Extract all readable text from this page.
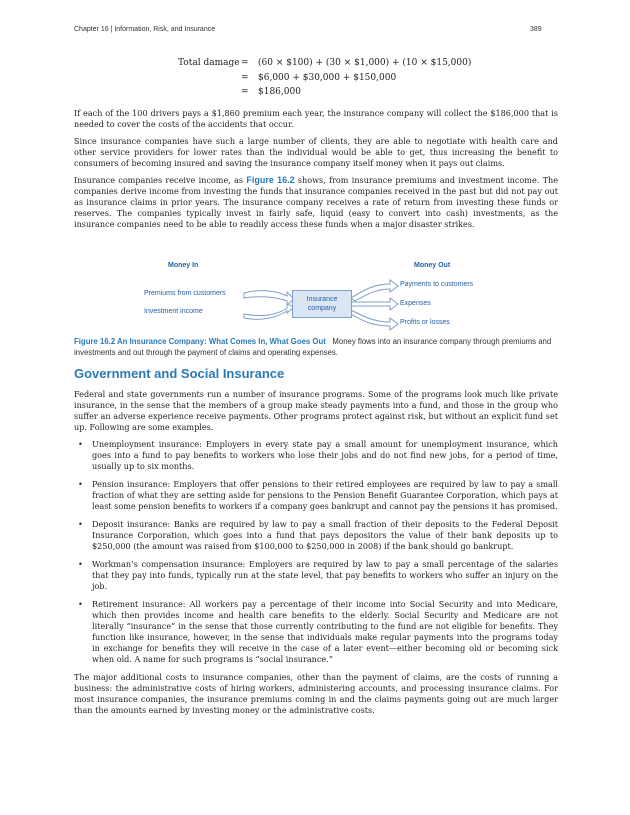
Chapter 16 | Information, Risk, and Insurance	389
Total damage = (60 × $100) + (30 × $1,000) + (10 × $15,000)
= $6,000 + $30,000 + $150,000
= $186,000

If each of the 100 drivers pays a $1,860 premium each year, the insurance company will collect the $186,000 that is needed to cover the costs of the accidents that occur.

Since insurance companies have such a large number of clients, they are able to negotiate with health care and other service providers for lower rates than the individual would be able to get, thus increasing the benefit to consumers of becoming insured and saving the insurance company itself money when it pays out claims.

Insurance companies receive income, as Figure 16.2 shows, from insurance premiums and investment income. The companies derive income from investing the funds that insurance companies received in the past but did not pay out as insurance claims in prior years. The insurance company receives a rate of return from investing these funds or reserves. The companies typically invest in fairly safe, liquid (easy to convert into cash) investments, as the insurance companies need to be able to readily access these funds when a major disaster strikes.

Money In	Money Out
Premiums from customers
Investment income
Insurance company
Payments to customers
Expenses
Profits or losses
Figure 16.2 An Insurance Company: What Comes In, What Goes Out Money flows into an insurance company through premiums and investments and out through the payment of claims and operating expenses.
Government and Social Insurance

Federal and state governments run a number of insurance programs. Some of the programs look much like private insurance, in the sense that the members of a group make steady payments into a fund, and those in the group who suffer an adverse experience receive payments. Other programs protect against risk, but without an explicit fund set up. Following are some examples.

• Unemployment insurance: Employers in every state pay a small amount for unemployment insurance, which goes into a fund to pay benefits to workers who lose their jobs and do not find new jobs, for a period of time, usually up to six months.
• Pension insurance: Employers that offer pensions to their retired employees are required by law to pay a small fraction of what they are setting aside for pensions to the Pension Benefit Guarantee Corporation, which pays at least some pension benefits to workers if a company goes bankrupt and cannot pay the pensions it has promised.
• Deposit insurance: Banks are required by law to pay a small fraction of their deposits to the Federal Deposit Insurance Corporation, which goes into a fund that pays depositors the value of their bank deposits up to $250,000 (the amount was raised from $100,000 to $250,000 in 2008) if the bank should go bankrupt.
• Workman’s compensation insurance: Employers are required by law to pay a small percentage of the salaries that they pay into funds, typically run at the state level, that pay benefits to workers who suffer an injury on the job.
• Retirement insurance: All workers pay a percentage of their income into Social Security and into Medicare, which then provides income and health care benefits to the elderly. Social Security and Medicare are not literally “insurance” in the sense that those currently contributing to the fund are not eligible for benefits. They function like insurance, however, in the sense that individuals make regular payments into the programs today in exchange for benefits they will receive in the case of a later event—either becoming old or becoming sick when old. A name for such programs is “social insurance.”

The major additional costs to insurance companies, other than the payment of claims, are the costs of running a business: the administrative costs of hiring workers, administering accounts, and processing insurance claims. For most insurance companies, the insurance premiums coming in and the claims payments going out are much larger than the amounts earned by investing money or the administrative costs.
